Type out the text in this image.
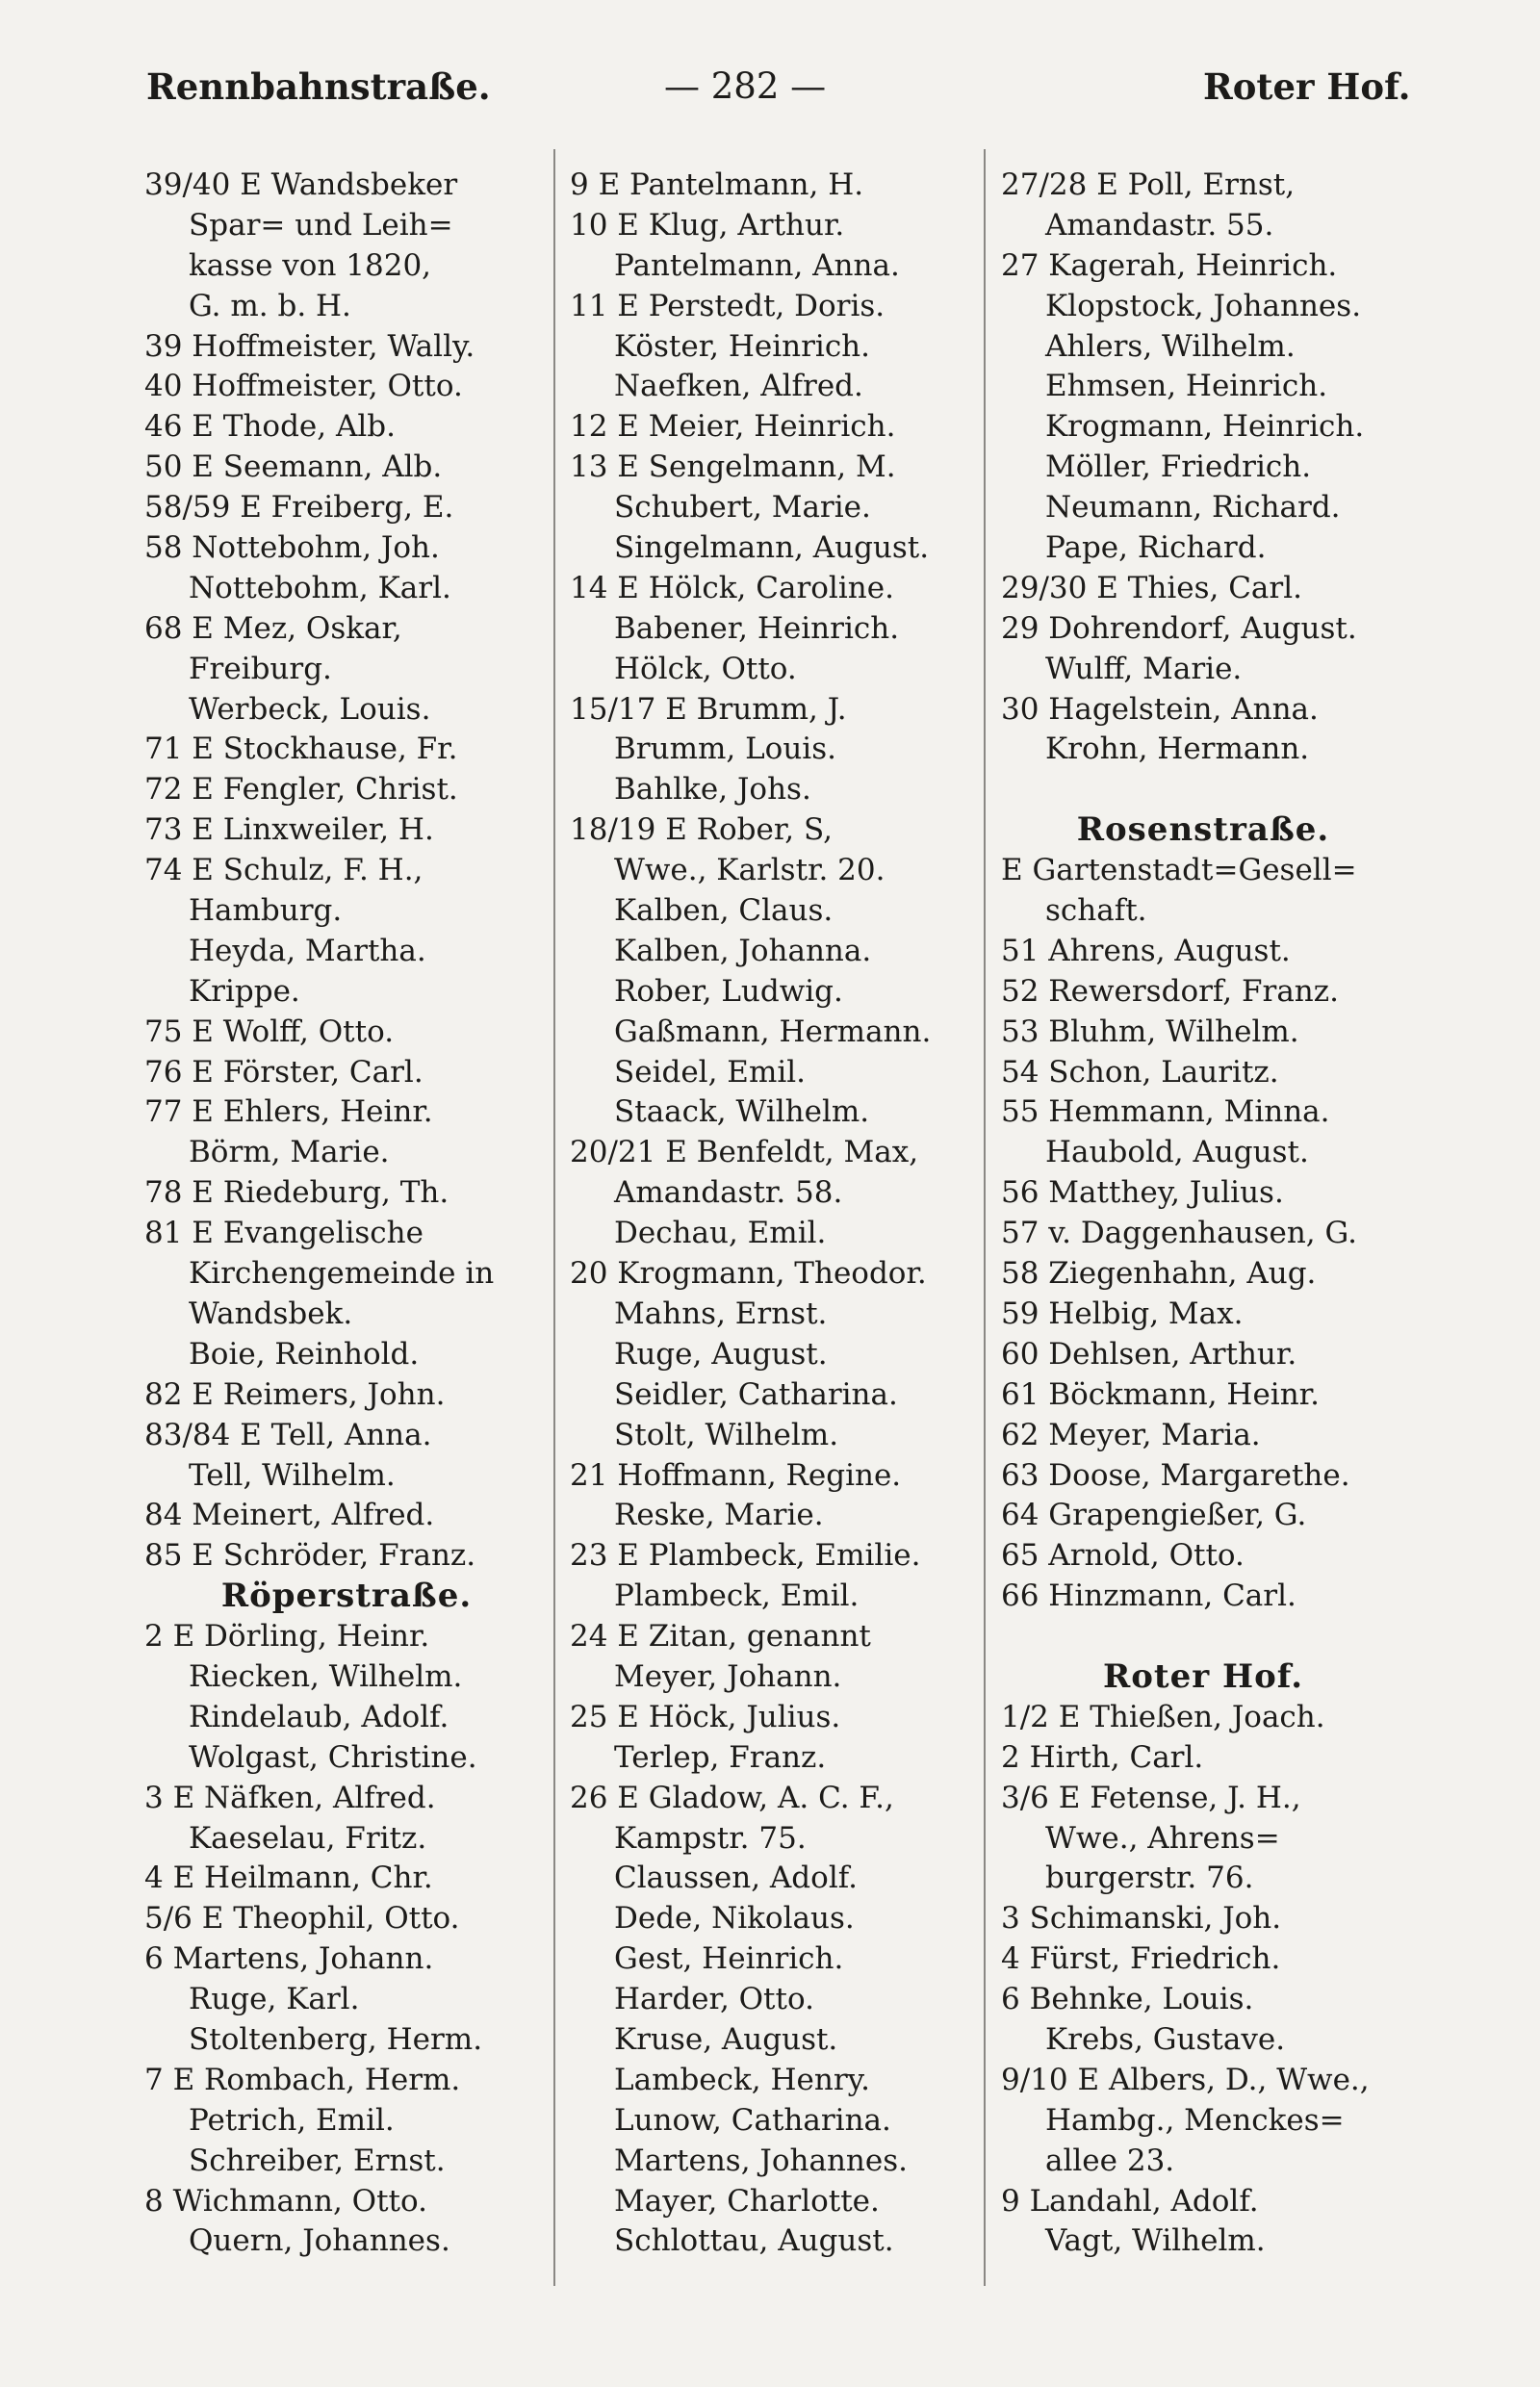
Rennbahnstraße.	— 282 —	Roter Hof.
39/40 E Wandsbeker
Spar= und Leih=
kasse von 1820,
G. m. b. H.
39 Hoffmeister, Wally.
40 Hoffmeister, Otto.
46 E Thode, Alb.
50 E Seemann, Alb.
58/59 E Freiberg, E.
58 Nottebohm, Joh.
Nottebohm, Karl.
68 E Mez, Oskar,
Freiburg.
Werbeck, Louis.
71 E Stockhause, Fr.
72 E Fengler, Christ.
73 E Linxweiler, H.
74 E Schulz, F. H.,
Hamburg.
Heyda, Martha.
Krippe.
75 E Wolff, Otto.
76 E Förster, Carl.
77 E Ehlers, Heinr.
Börm, Marie.
78 E Riedeburg, Th.
81 E Evangelische
Kirchengemeinde in
Wandsbek.
Boie, Reinhold.
82 E Reimers, John.
83/84 E Tell, Anna.
Tell, Wilhelm.
84 Meinert, Alfred.
85 E Schröder, Franz.
Röperstraße.
2 E Dörling, Heinr.
Riecken, Wilhelm.
Rindelaub, Adolf.
Wolgast, Christine.
3 E Näfken, Alfred.
Kaeselau, Fritz.
4 E Heilmann, Chr.
5/6 E Theophil, Otto.
6 Martens, Johann.
Ruge, Karl.
Stoltenberg, Herm.
7 E Rombach, Herm.
Petrich, Emil.
Schreiber, Ernst.
8 Wichmann, Otto.
Quern, Johannes.
9 E Pantelmann, H.
10 E Klug, Arthur.
Pantelmann, Anna.
11 E Perstedt, Doris.
Köster, Heinrich.
Naefken, Alfred.
12 E Meier, Heinrich.
13 E Sengelmann, M.
Schubert, Marie.
Singelmann, August.
14 E Hölck, Caroline.
Babener, Heinrich.
Hölck, Otto.
15/17 E Brumm, J.
Brumm, Louis.
Bahlke, Johs.
18/19 E Rober, S,
Wwe., Karlstr. 20.
Kalben, Claus.
Kalben, Johanna.
Rober, Ludwig.
Gaßmann, Hermann.
Seidel, Emil.
Staack, Wilhelm.
20/21 E Benfeldt, Max,
Amandastr. 58.
Dechau, Emil.
20 Krogmann, Theodor.
Mahns, Ernst.
Ruge, August.
Seidler, Catharina.
Stolt, Wilhelm.
21 Hoffmann, Regine.
Reske, Marie.
23 E Plambeck, Emilie.
Plambeck, Emil.
24 E Zitan, genannt
Meyer, Johann.
25 E Höck, Julius.
Terlep, Franz.
26 E Gladow, A. C. F.,
Kampstr. 75.
Claussen, Adolf.
Dede, Nikolaus.
Gest, Heinrich.
Harder, Otto.
Kruse, August.
Lambeck, Henry.
Lunow, Catharina.
Martens, Johannes.
Mayer, Charlotte.
Schlottau, August.
27/28 E Poll, Ernst,
Amandastr. 55.
27 Kagerah, Heinrich.
Klopstock, Johannes.
Ahlers, Wilhelm.
Ehmsen, Heinrich.
Krogmann, Heinrich.
Möller, Friedrich.
Neumann, Richard.
Pape, Richard.
29/30 E Thies, Carl.
29 Dohrendorf, August.
Wulff, Marie.
30 Hagelstein, Anna.
Krohn, Hermann.
Rosenstraße.
E Gartenstadt=Gesell=
schaft.
51 Ahrens, August.
52 Rewersdorf, Franz.
53 Bluhm, Wilhelm.
54 Schon, Lauritz.
55 Hemmann, Minna.
Haubold, August.
56 Matthey, Julius.
57 v. Daggenhausen, G.
58 Ziegenhahn, Aug.
59 Helbig, Max.
60 Dehlsen, Arthur.
61 Böckmann, Heinr.
62 Meyer, Maria.
63 Doose, Margarethe.
64 Grapengießer, G.
65 Arnold, Otto.
66 Hinzmann, Carl.
Roter Hof.
1/2 E Thießen, Joach.
2 Hirth, Carl.
3/6 E Fetense, J. H.,
Wwe., Ahrens=
burgerstr. 76.
3 Schimanski, Joh.
4 Fürst, Friedrich.
6 Behnke, Louis.
Krebs, Gustave.
9/10 E Albers, D., Wwe.,
Hambg., Menckes=
allee 23.
9 Landahl, Adolf.
Vagt, Wilhelm.
